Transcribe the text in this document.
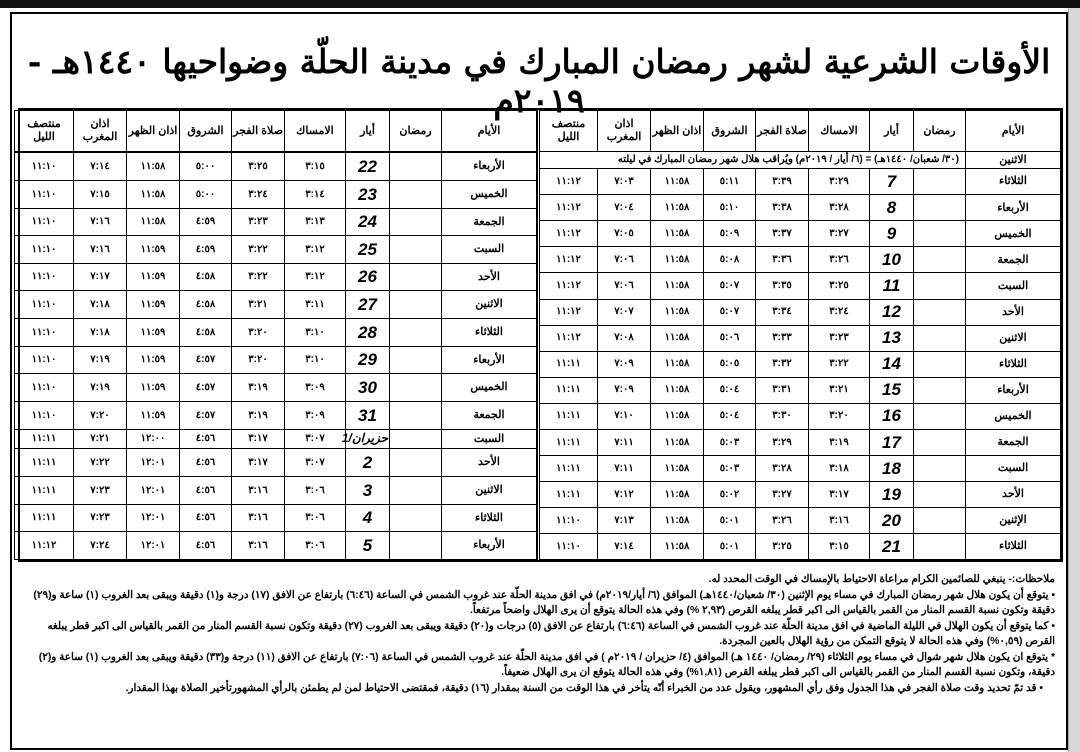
الأوقات الشرعية لشهر رمضان المبارك في مدينة الحلّة وضواحيها ١٤٤٠هـ - ٢٠١٩م
الأيام	رمضان	أيار	الامساك	صلاة الفجر	الشروق	اذان الظهر	اذان المغرب	منتصف الليل
الاثنين	(٣٠/ شعبان/ ١٤٤٠هـ) = (٦/ أيار / ٢٠١٩م) ويُراقب هلال شهر رمضان المبارك في ليلته							
الثلاثاء		7	٣:٢٩	٣:٣٩	٥:١١	١١:٥٨	٧:٠٣	١١:١٢
الأربعاء		8	٣:٢٨	٣:٣٨	٥:١٠	١١:٥٨	٧:٠٤	١١:١٢
الخميس		9	٣:٢٧	٣:٣٧	٥:٠٩	١١:٥٨	٧:٠٥	١١:١٢
الجمعة		10	٣:٢٦	٣:٣٦	٥:٠٨	١١:٥٨	٧:٠٦	١١:١٢
السبت		11	٣:٢٥	٣:٣٥	٥:٠٧	١١:٥٨	٧:٠٦	١١:١٢
الأحد		12	٣:٢٤	٣:٣٤	٥:٠٧	١١:٥٨	٧:٠٧	١١:١٢
الاثنين		13	٣:٢٣	٣:٣٣	٥:٠٦	١١:٥٨	٧:٠٨	١١:١٢
الثلاثاء		14	٣:٢٢	٣:٣٢	٥:٠٥	١١:٥٨	٧:٠٩	١١:١١
الأربعاء		15	٣:٢١	٣:٣١	٥:٠٤	١١:٥٨	٧:٠٩	١١:١١
الخميس		16	٣:٢٠	٣:٣٠	٥:٠٤	١١:٥٨	٧:١٠	١١:١١
الجمعة		17	٣:١٩	٣:٢٩	٥:٠٣	١١:٥٨	٧:١١	١١:١١
السبت		18	٣:١٨	٣:٢٨	٥:٠٣	١١:٥٨	٧:١١	١١:١١
الأحد		19	٣:١٧	٣:٢٧	٥:٠٢	١١:٥٨	٧:١٢	١١:١١
الإثنين		20	٣:١٦	٣:٢٦	٥:٠١	١١:٥٨	٧:١٣	١١:١٠
الثلاثاء		21	٣:١٥	٣:٢٥	٥:٠١	١١:٥٨	٧:١٤	١١:١٠
الأيام	رمضان	أيار	الامساك	صلاة الفجر	الشروق	اذان الظهر	اذان المغرب	منتصف الليل

الأربعاء		22	٣:١٥	٣:٢٥	٥:٠٠	١١:٥٨	٧:١٤	١١:١٠
الخميس		23	٣:١٤	٣:٢٤	٥:٠٠	١١:٥٨	٧:١٥	١١:١٠
الجمعة		24	٣:١٣	٣:٢٣	٤:٥٩	١١:٥٨	٧:١٦	١١:١٠
السبت		25	٣:١٢	٣:٢٢	٤:٥٩	١١:٥٩	٧:١٦	١١:١٠
الأحد		26	٣:١٢	٣:٢٢	٤:٥٨	١١:٥٩	٧:١٧	١١:١٠
الاثنين		27	٣:١١	٣:٢١	٤:٥٨	١١:٥٩	٧:١٨	١١:١٠
الثلاثاء		28	٣:١٠	٣:٢٠	٤:٥٨	١١:٥٩	٧:١٨	١١:١٠
الأربعاء		29	٣:١٠	٣:٢٠	٤:٥٧	١١:٥٩	٧:١٩	١١:١٠
الخميس		30	٣:٠٩	٣:١٩	٤:٥٧	١١:٥٩	٧:١٩	١١:١٠
الجمعة		31	٣:٠٩	٣:١٩	٤:٥٧	١١:٥٩	٧:٢٠	١١:١٠
السبت		حزيران/1	٣:٠٧	٣:١٧	٤:٥٦	١٢:٠٠	٧:٢١	١١:١١
الأحد		2	٣:٠٧	٣:١٧	٤:٥٦	١٢:٠١	٧:٢٢	١١:١١
الاثنين		3	٣:٠٦	٣:١٦	٤:٥٦	١٢:٠١	٧:٢٣	١١:١١
الثلاثاء		4	٣:٠٦	٣:١٦	٤:٥٦	١٢:٠١	٧:٢٣	١١:١١
الأربعاء		5	٣:٠٦	٣:١٦	٤:٥٦	١٢:٠١	٧:٢٤	١١:١٢

ملاحظات:- ينبغي للصائمين الكرام مراعاة الاحتياط بالإمساك في الوقت المحدد له.

• يتوقع أن يكون هلال شهر رمضان المبارك في مساء يوم الإثنين (٣٠/ شعبان/١٤٤٠هـ) الموافق (٦/ أيار/٢٠١٩م) في افق مدينة الحلّة عند غروب الشمس في الساعة (٦:٤٦) بارتفاع عن الافق (١٧) درجة و(١) دقيقة ويبقى بعد الغروب (١) ساعة و(٢٩) دقيقة وتكون نسبة القسم المنار من القمر بالقياس الى اكبر قطر يبلغه القرص (٢,٩٣ %) وفي هذه الحالة يتوقع أن يرى الهلال واضحاً مرتفعاً.

• كما يتوقع أن يكون الهلال في الليلة الماضية في افق مدينة الحلّة عند غروب الشمس في الساعة (٦:٤٦) بارتفاع عن الافق (٥) درجات و(٢٠) دقيقة ويبقى بعد الغروب (٢٧) دقيقة وتكون نسبة القسم المنار من القمر بالقياس الى اكبر قطر يبلغه القرص (٠,٥٩%) وفي هذه الحالة لا يتوقع التمكن من رؤية الهلال بالعين المجردة.

* يتوقع ان يكون هلال شهر شوال في مساء يوم الثلاثاء (٢٩/ رمضان/ ١٤٤٠ هـ) الموافق (٤/ حزيران / ٢٠١٩م ) في افق مدينة الحلّة عند غروب الشمس في الساعة (٧:٠٦) بارتفاع عن الافق (١١) درجة و(٣٣) دقيقة ويبقى بعد الغروب (١) ساعة و(٢) دقيقة، وتكون نسبة القسم المنار من القمر بالقياس الى اكبر قطر يبلغه القرص (١,٨١%) وفي هذه الحالة يتوقع ان يرى الهلال ضعيفاً.

• قد تمّ تحديد وقت صلاة الفجر في هذا الجدول وفق رأي المشهور، ويقول عدد من الخبراء أنّه يتأخر في هذا الوقت من السنة بمقدار (١٦) دقيقة، فمقتضى الاحتياط لمن لم يطمئن بالرأي المشهورتأخير الصلاة بهذا المقدار.
